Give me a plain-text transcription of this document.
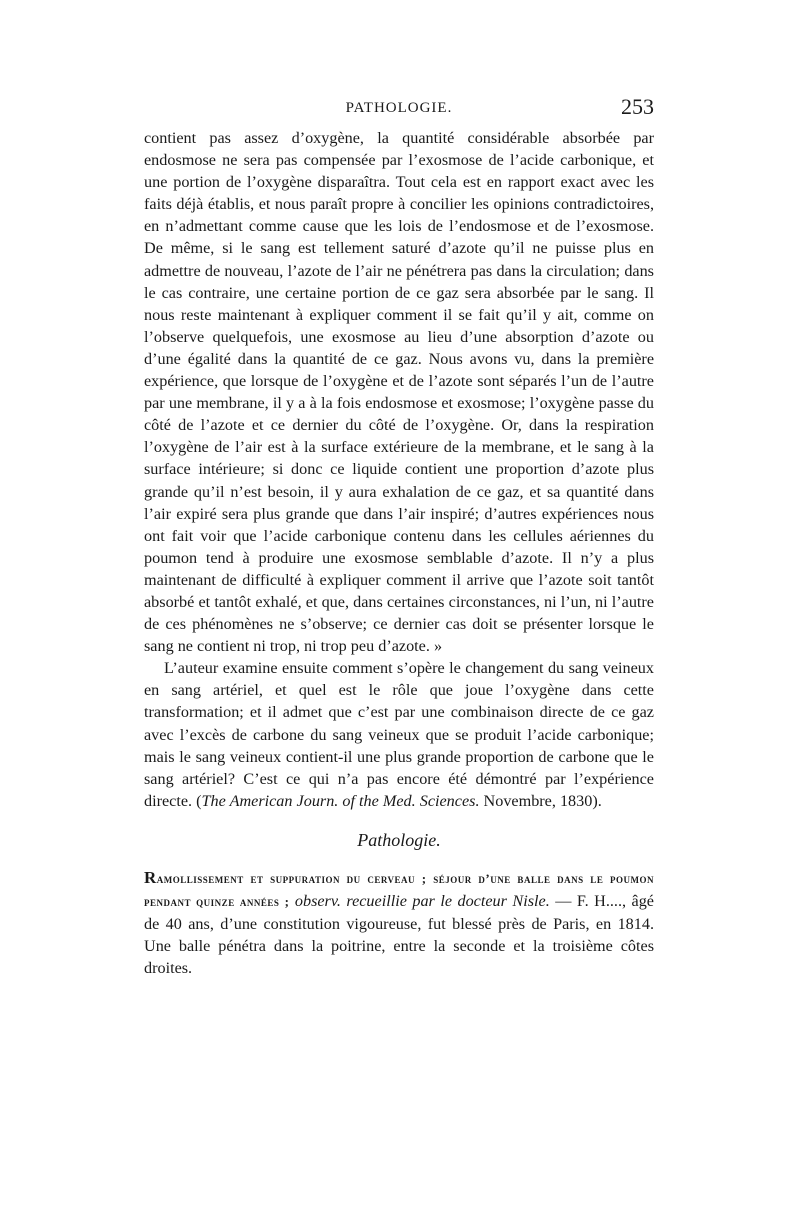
PATHOLOGIE.	253

contient pas assez d’oxygène, la quantité considérable absorbée par endosmose ne sera pas compensée par l’exosmose de l’acide carbonique, et une portion de l’oxygène disparaîtra. Tout cela est en rapport exact avec les faits déjà établis, et nous paraît propre à concilier les opinions contradictoires, en n’admettant comme cause que les lois de l’endosmose et de l’exosmose. De même, si le sang est tellement saturé d’azote qu’il ne puisse plus en admettre de nouveau, l’azote de l’air ne pénétrera pas dans la circulation; dans le cas contraire, une certaine portion de ce gaz sera absorbée par le sang. Il nous reste maintenant à expliquer comment il se fait qu’il y ait, comme on l’observe quelquefois, une exosmose au lieu d’une absorption d’azote ou d’une égalité dans la quantité de ce gaz. Nous avons vu, dans la première expérience, que lorsque de l’oxygène et de l’azote sont séparés l’un de l’autre par une membrane, il y a à la fois endosmose et exosmose; l’oxygène passe du côté de l’azote et ce dernier du côté de l’oxygène. Or, dans la respiration l’oxygène de l’air est à la surface extérieure de la membrane, et le sang à la surface intérieure; si donc ce liquide contient une proportion d’azote plus grande qu’il n’est besoin, il y aura exhalation de ce gaz, et sa quantité dans l’air expiré sera plus grande que dans l’air inspiré; d’autres expériences nous ont fait voir que l’acide carbonique contenu dans les cellules aériennes du poumon tend à produire une exosmose semblable d’azote. Il n’y a plus maintenant de difficulté à expliquer comment il arrive que l’azote soit tantôt absorbé et tantôt exhalé, et que, dans certaines circonstances, ni l’un, ni l’autre de ces phénomènes ne s’observe; ce dernier cas doit se présenter lorsque le sang ne contient ni trop, ni trop peu d’azote. »

L’auteur examine ensuite comment s’opère le changement du sang veineux en sang artériel, et quel est le rôle que joue l’oxygène dans cette transformation; et il admet que c’est par une combinaison directe de ce gaz avec l’excès de carbone du sang veineux que se produit l’acide carbonique; mais le sang veineux contient-il une plus grande proportion de carbone que le sang artériel? C’est ce qui n’a pas encore été démontré par l’expérience directe. (The American Journ. of the Med. Sciences. Novembre, 1830).

Pathologie.

Ramollissement et suppuration du cerveau ; séjour d’une balle dans le poumon pendant quinze années ; observ. recueillie par le docteur Nisle. — F. H...., âgé de 40 ans, d’une constitution vigoureuse, fut blessé près de Paris, en 1814. Une balle pénétra dans la poitrine, entre la seconde et la troisième côtes droites.
